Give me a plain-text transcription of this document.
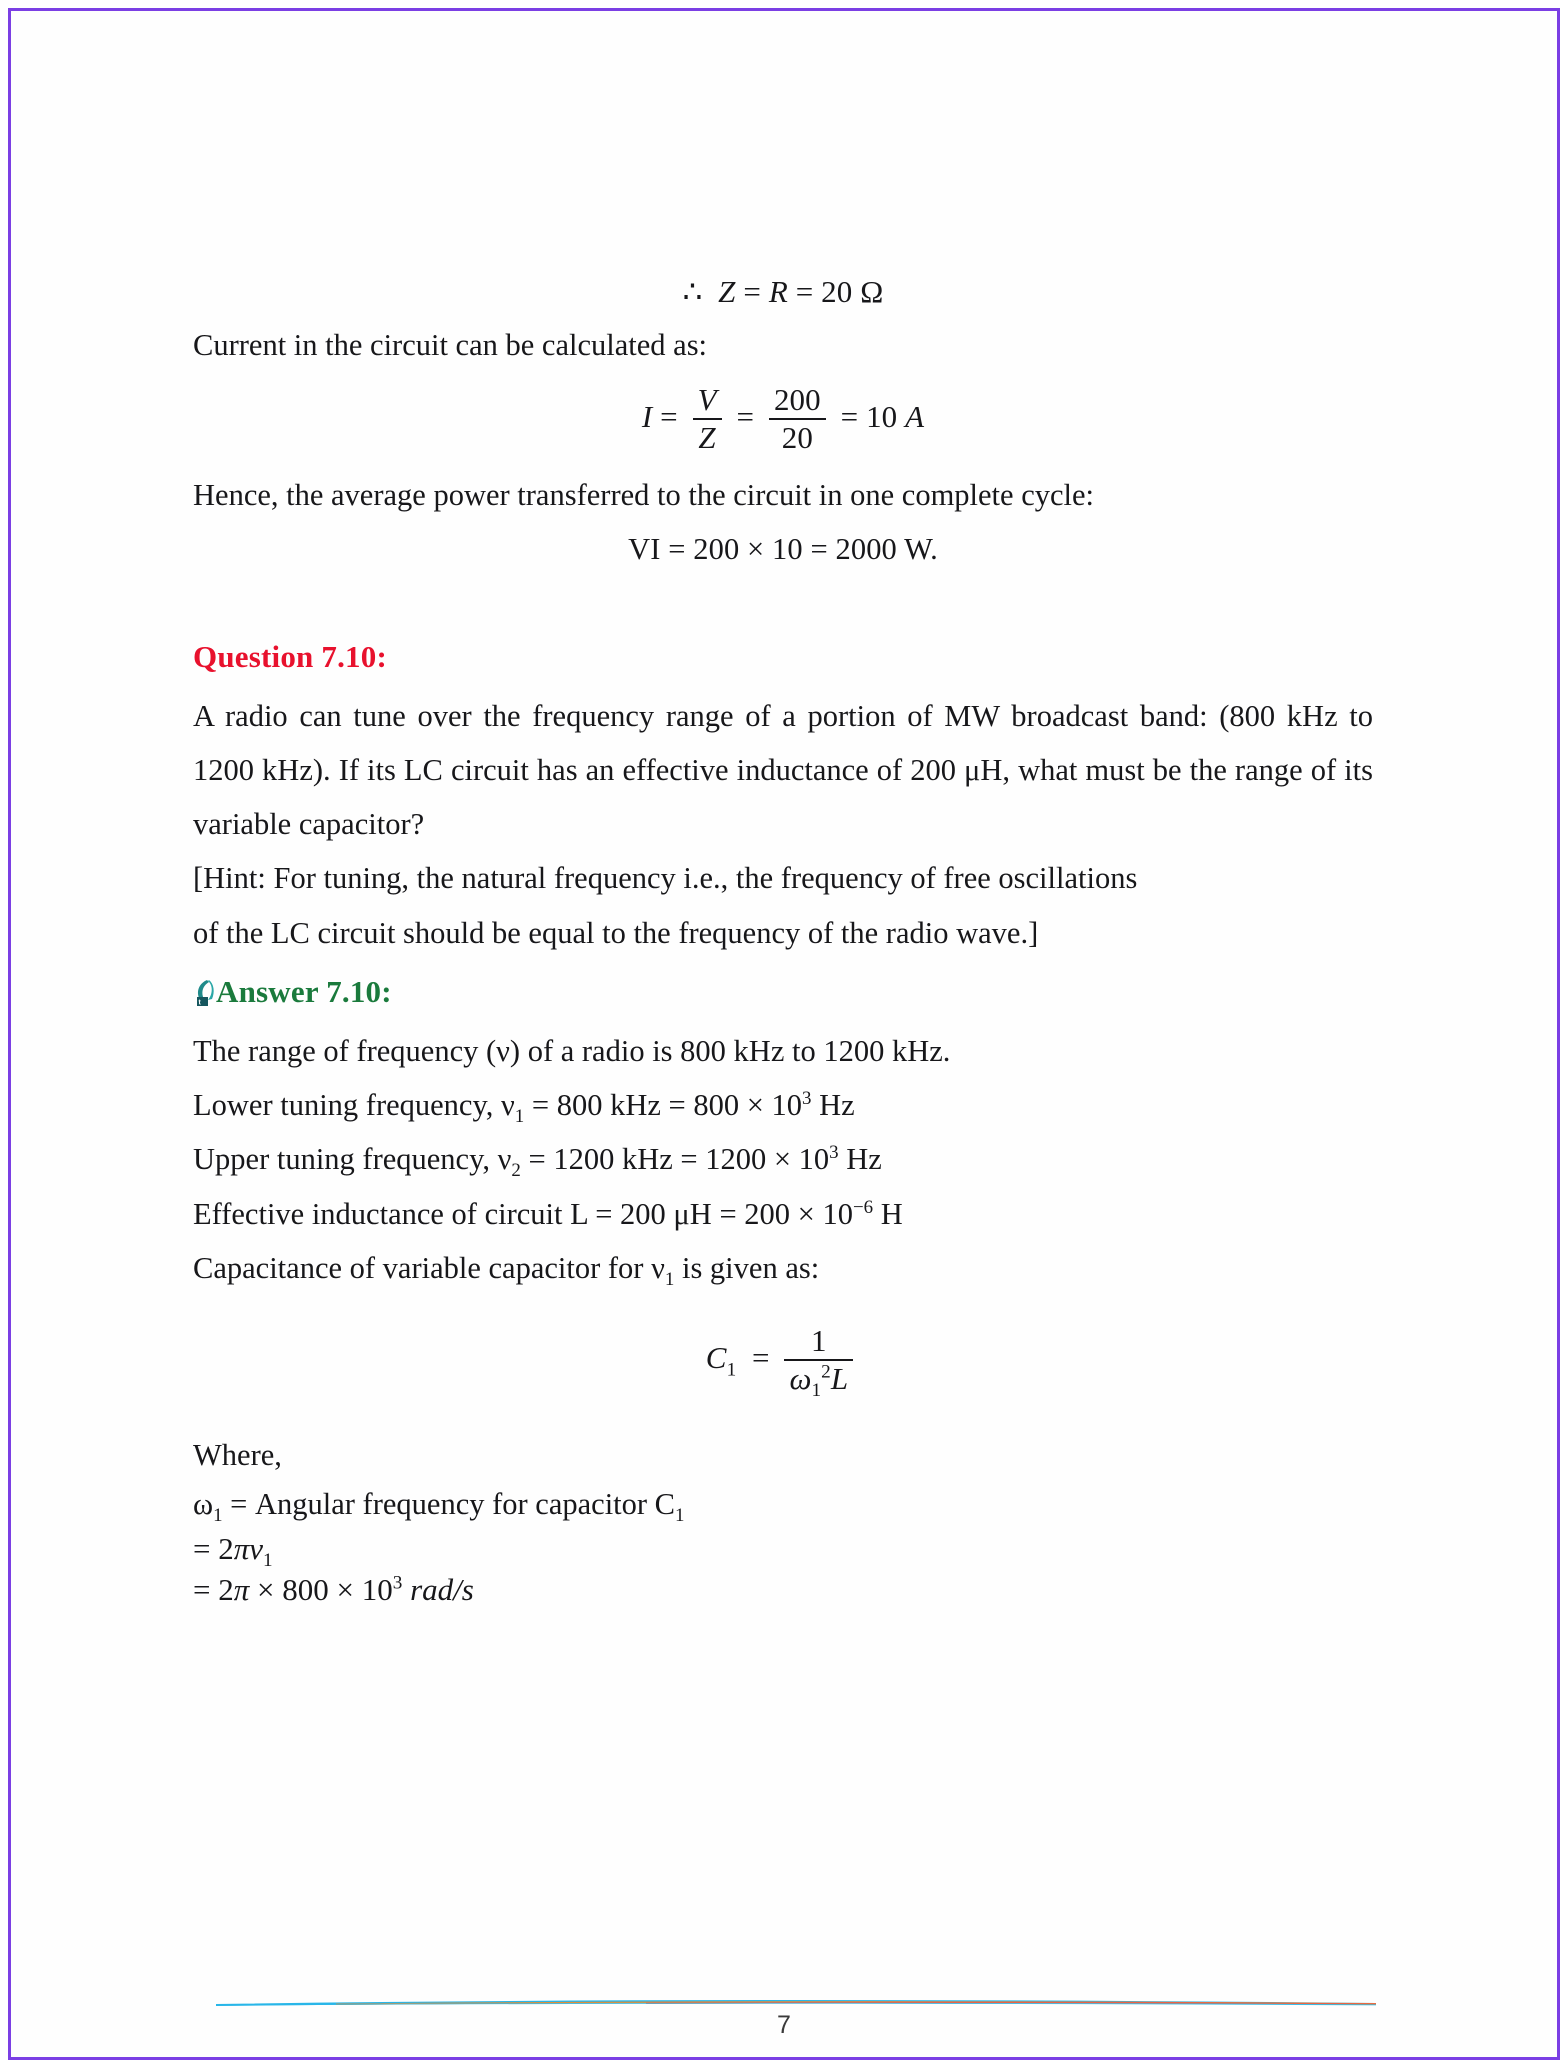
∴  Z = R = 20 Ω
Current in the circuit can be calculated as:
$I = \frac{V}{Z} = \frac{200}{20} = 10$ A
Hence, the average power transferred to the circuit in one complete cycle:
VI = 200 × 10 = 2000 W.
Question 7.10:
A radio can tune over the frequency range of a portion of MW broadcast band: (800 kHz to 1200 kHz). If its LC circuit has an effective inductance of 200 μH, what must be the range of its variable capacitor?
[Hint: For tuning, the natural frequency i.e., the frequency of free oscillations
of the LC circuit should be equal to the frequency of the radio wave.]
t Answer 7.10:
The range of frequency (ν) of a radio is 800 kHz to 1200 kHz.
Lower tuning frequency, $\nu_1 = 800$ kHz = $800 \times 10^3$ Hz
Upper tuning frequency, $\nu_2 = 1200$ kHz = $1200 \times 10^3$ Hz
Effective inductance of circuit L = 200 $\mu H = 200 \times 10^{-6}$ H
Capacitance of variable capacitor for $\nu_1$ is given as:
$C_1 = \frac{1}{\omega_1^2L}$
Where,
$\omega_1$ = Angular frequency for capacitor $C_1$
= $2\pi\nu_1$
= $2\pi \times 800 \times 10^3$ rad/s
7
